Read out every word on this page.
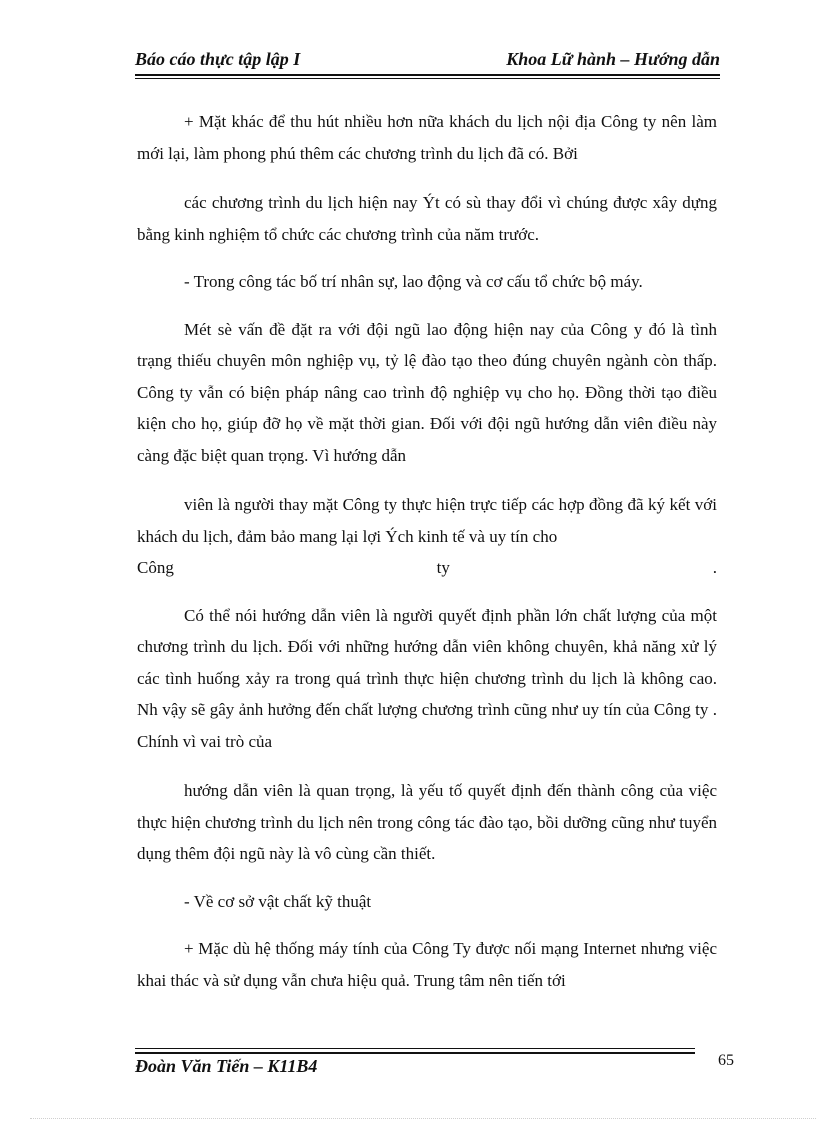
Báo cáo thực tập lập I	Khoa Lữ hành – Hướng dẫn

+ Mặt khác để thu hút nhiều hơn nữa khách du lịch nội địa Công ty nên làm mới lại, làm phong phú thêm các chương trình du lịch đã có. Bởi

các chương trình du lịch hiện nay Ýt có sù thay đổi vì chúng được xây dựng bằng kinh nghiệm tổ chức các chương trình của năm trước.

- Trong công tác bố trí nhân sự, lao động và cơ cấu tổ chức bộ máy.

Mét sè vấn đề đặt ra với đội ngũ lao động hiện nay của Công y đó là tình trạng thiếu chuyên môn nghiệp vụ, tỷ lệ đào tạo theo đúng chuyên ngành còn thấp. Công ty vẫn có biện pháp nâng cao trình độ nghiệp vụ cho họ. Đồng thời tạo điều kiện cho họ, giúp đỡ họ về mặt thời gian. Đối với đội ngũ hướng dẫn viên điều này càng đặc biệt quan trọng. Vì hướng dẫn

viên là người thay mặt Công ty thực hiện trực tiếp các hợp đồng đã ký kết với khách du lịch, đảm bảo mang lại lợi Ých kinh tế và uy tín cho

Công	ty	.

Có thể nói hướng dẫn viên là người quyết định phần lớn chất lượng của một chương trình du lịch. Đối với những hướng dẫn viên không chuyên, khả năng xử lý các tình huống xảy ra trong quá trình thực hiện chương trình du lịch là không cao. Nh vậy sẽ gây ảnh hưởng đến chất lượng chương trình cũng như uy tín của Công ty . Chính vì vai trò của

hướng dẫn viên là quan trọng, là yếu tố quyết định đến thành công của việc thực hiện chương trình du lịch nên trong công tác đào tạo, bồi dưỡng cũng như tuyển dụng thêm đội ngũ này là vô cùng cần thiết.

- Về cơ sở vật chất kỹ thuật

+ Mặc dù hệ thống máy tính của Công Ty được nối mạng Internet nhưng việc khai thác và sử dụng vẫn chưa hiệu quả. Trung tâm nên tiến tới

Đoàn Văn Tiến – K11B4	65
